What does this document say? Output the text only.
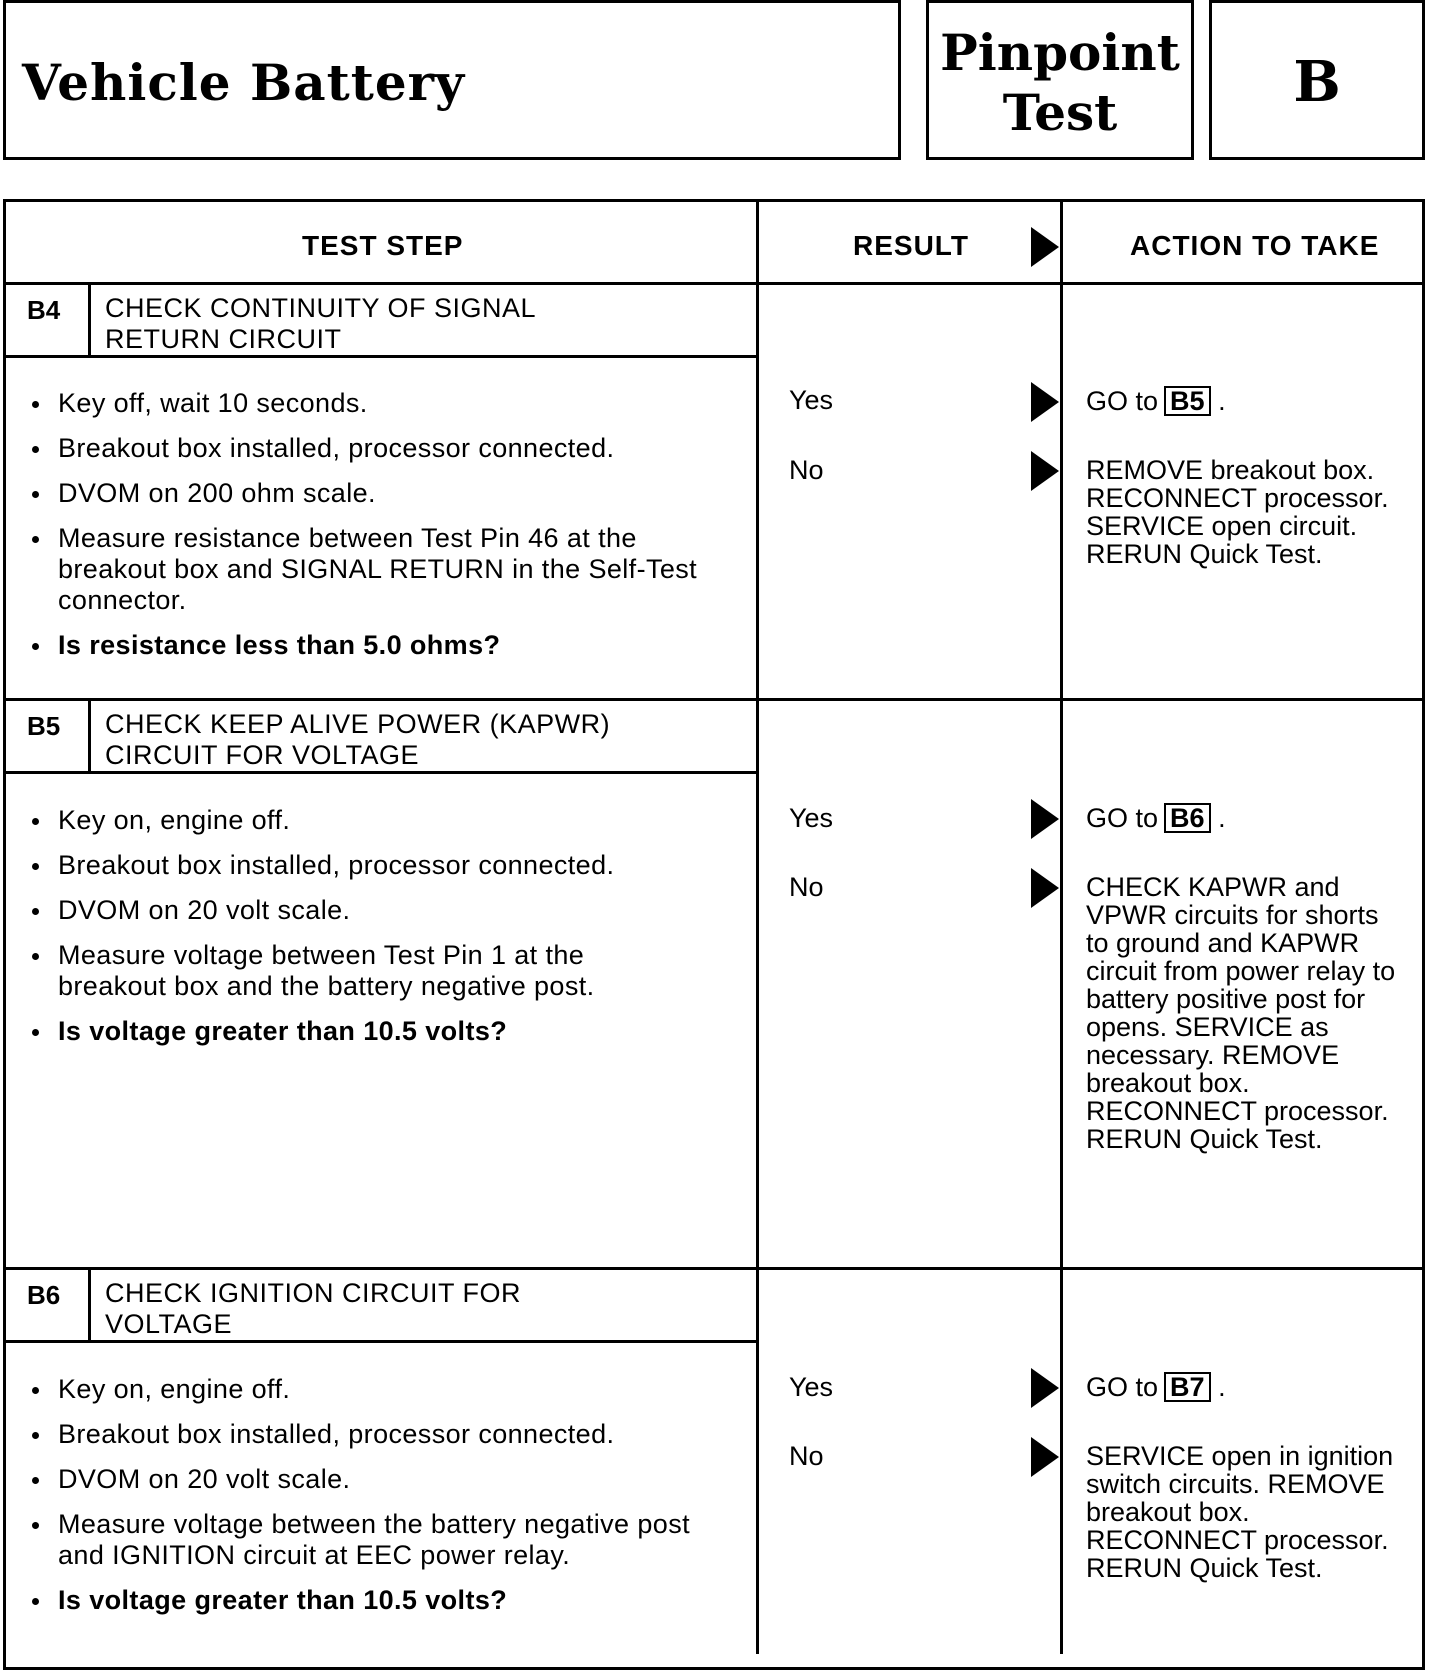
Vehicle Battery
Pinpoint
Test	B
TEST STEP	RESULT	ACTION TO TAKE
B4 CHECK CONTINUITY OF SIGNAL
RETURN CIRCUIT
Key off, wait 10 seconds.
Breakout box installed, processor connected.
DVOM on 200 ohm scale.
Measure resistance between Test Pin 46 at the breakout box and SIGNAL RETURN in the Self-Test connector.
Is resistance less than 5.0 ohms?
Yes	GO to B5 .
No	REMOVE breakout box. RECONNECT processor. SERVICE open circuit. RERUN Quick Test.
B5 CHECK KEEP ALIVE POWER (KAPWR)
CIRCUIT FOR VOLTAGE
Key on, engine off.
Breakout box installed, processor connected.
DVOM on 20 volt scale.
Measure voltage between Test Pin 1 at the breakout box and the battery negative post.
Is voltage greater than 10.5 volts?
Yes	GO to B6 .
No	CHECK KAPWR and VPWR circuits for shorts to ground and KAPWR circuit from power relay to battery positive post for opens. SERVICE as necessary. REMOVE breakout box. RECONNECT processor. RERUN Quick Test.
B6 CHECK IGNITION CIRCUIT FOR
VOLTAGE
Key on, engine off.
Breakout box installed, processor connected.
DVOM on 20 volt scale.
Measure voltage between the battery negative post and IGNITION circuit at EEC power relay.
Is voltage greater than 10.5 volts?
Yes	GO to B7 .
No	SERVICE open in ignition switch circuits. REMOVE breakout box. RECONNECT processor. RERUN Quick Test.
